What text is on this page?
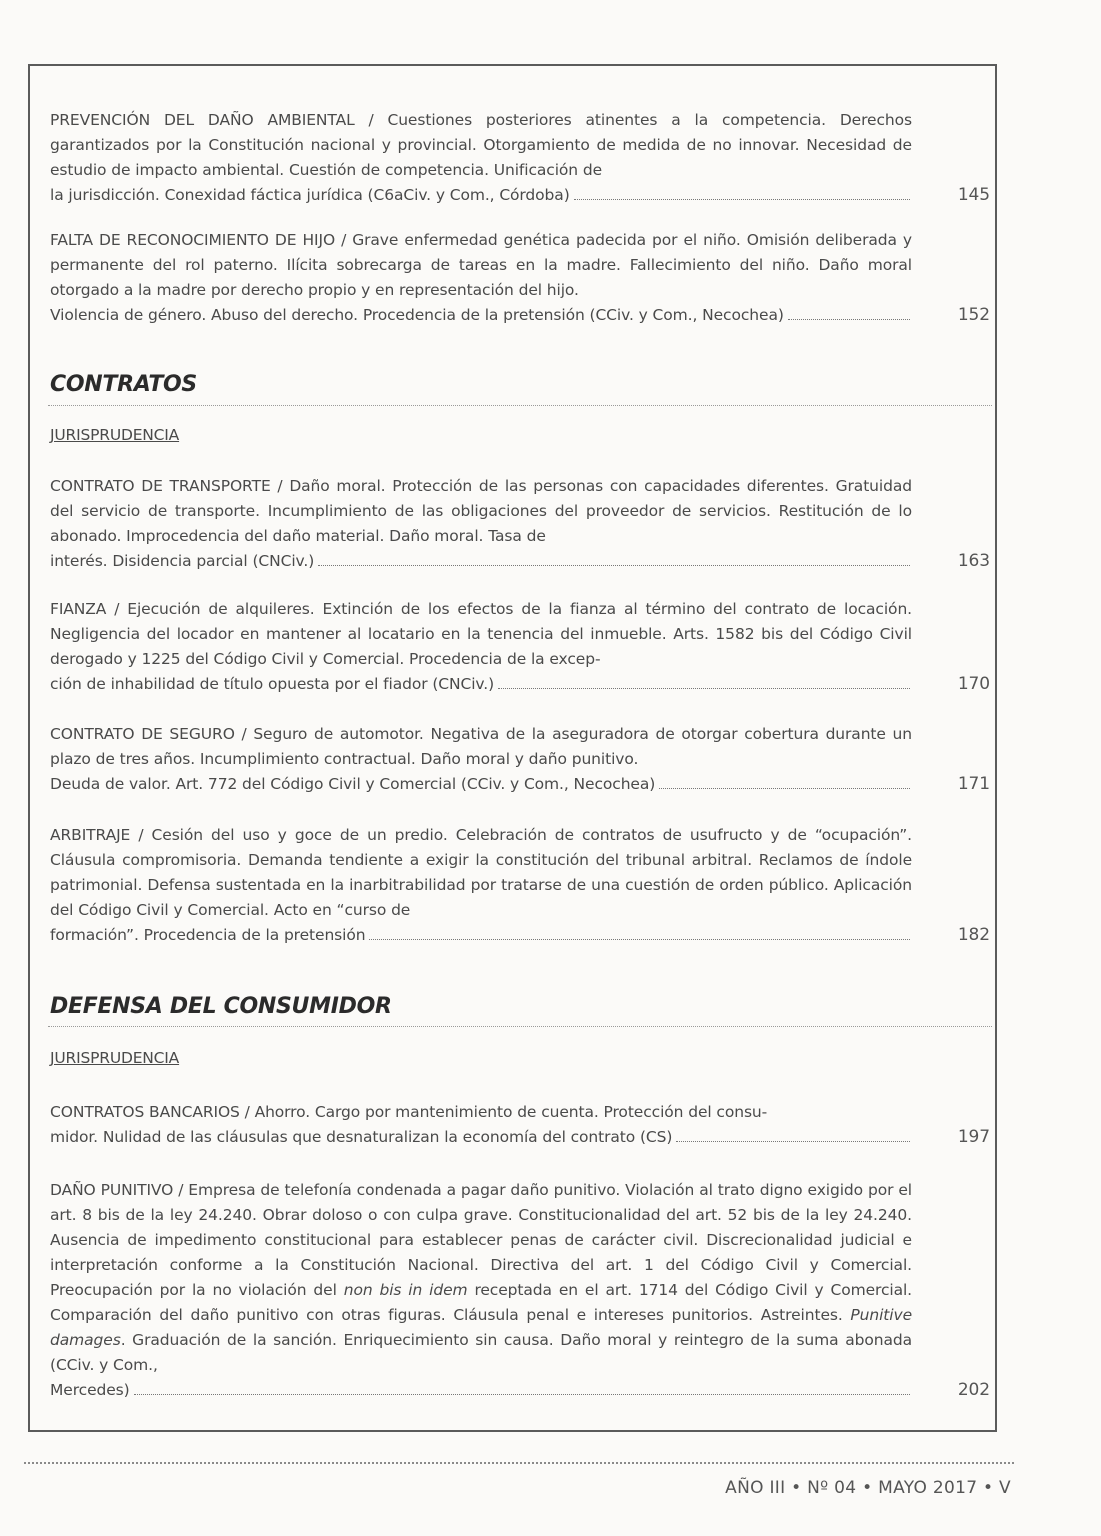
PREVENCIÓN DEL DAÑO AMBIENTAL / Cuestiones posteriores atinentes a la competencia. Derechos garantizados por la Constitución nacional y provincial. Otorgamiento de medida de no innovar. Necesidad de estudio de impacto ambiental. Cuestión de competencia. Unificación de
la jurisdicción. Conexidad fáctica jurídica (C6aCiv. y Com., Córdoba)	145
FALTA DE RECONOCIMIENTO DE HIJO / Grave enfermedad genética padecida por el niño. Omisión deliberada y permanente del rol paterno. Ilícita sobrecarga de tareas en la madre. Fallecimiento del niño. Daño moral otorgado a la madre por derecho propio y en representación del hijo.
Violencia de género. Abuso del derecho. Procedencia de la pretensión (CCiv. y Com., Necochea)	152
CONTRATOS
JURISPRUDENCIA
CONTRATO DE TRANSPORTE / Daño moral. Protección de las personas con capacidades diferentes. Gratuidad del servicio de transporte. Incumplimiento de las obligaciones del proveedor de servicios. Restitución de lo abonado. Improcedencia del daño material. Daño moral. Tasa de
interés. Disidencia parcial (CNCiv.)	163
FIANZA / Ejecución de alquileres. Extinción de los efectos de la fianza al término del contrato de locación. Negligencia del locador en mantener al locatario en la tenencia del inmueble. Arts. 1582 bis del Código Civil derogado y 1225 del Código Civil y Comercial. Procedencia de la excep-
ción de inhabilidad de título opuesta por el fiador (CNCiv.)	170
CONTRATO DE SEGURO / Seguro de automotor. Negativa de la aseguradora de otorgar cobertura durante un plazo de tres años. Incumplimiento contractual. Daño moral y daño punitivo.
Deuda de valor. Art. 772 del Código Civil y Comercial (CCiv. y Com., Necochea)	171
ARBITRAJE / Cesión del uso y goce de un predio. Celebración de contratos de usufructo y de “ocupación”. Cláusula compromisoria. Demanda tendiente a exigir la constitución del tribunal arbitral. Reclamos de índole patrimonial. Defensa sustentada en la inarbitrabilidad por tratarse de una cuestión de orden público. Aplicación del Código Civil y Comercial. Acto en “curso de
formación”. Procedencia de la pretensión	182
DEFENSA DEL CONSUMIDOR
JURISPRUDENCIA
CONTRATOS BANCARIOS / Ahorro. Cargo por mantenimiento de cuenta. Protección del consu-
midor. Nulidad de las cláusulas que desnaturalizan la economía del contrato (CS)	197
DAÑO PUNITIVO / Empresa de telefonía condenada a pagar daño punitivo. Violación al trato digno exigido por el art. 8 bis de la ley 24.240. Obrar doloso o con culpa grave. Constitucionalidad del art. 52 bis de la ley 24.240. Ausencia de impedimento constitucional para establecer penas de carácter civil. Discrecionalidad judicial e interpretación conforme a la Constitución Nacional. Directiva del art. 1 del Código Civil y Comercial. Preocupación por la no violación del non bis in idem receptada en el art. 1714 del Código Civil y Comercial. Comparación del daño punitivo con otras figuras. Cláusula penal e intereses punitorios. Astreintes. Punitive damages. Graduación de la sanción. Enriquecimiento sin causa. Daño moral y reintegro de la suma abonada (CCiv. y Com.,
Mercedes)	202
AÑO III • Nº 04 • MAYO 2017 • V
